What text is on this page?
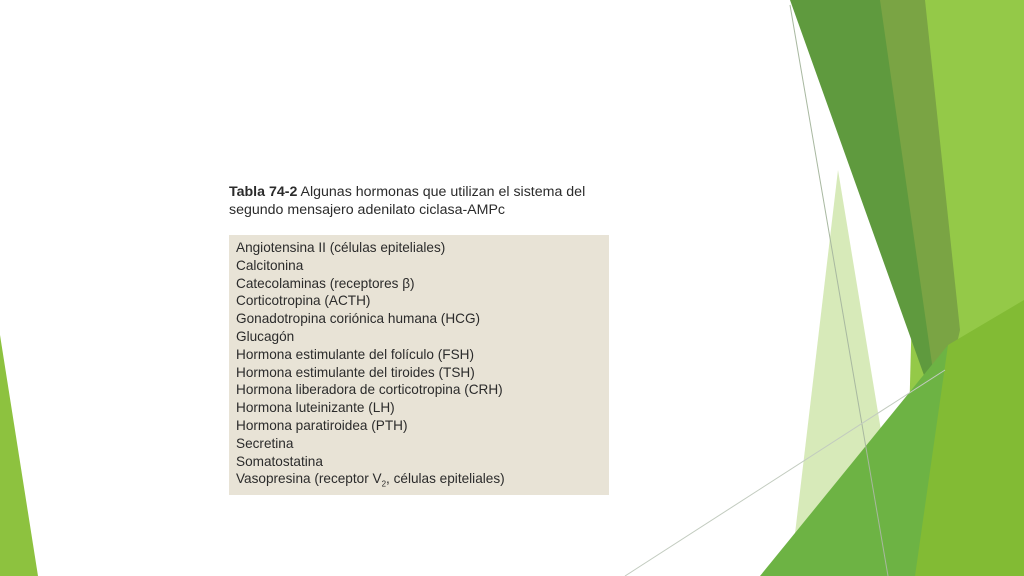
Tabla 74-2 Algunas hormonas que utilizan el sistema del
segundo mensajero adenilato ciclasa-AMPc
Angiotensina II (células epiteliales)
Calcitonina
Catecolaminas (receptores β)
Corticotropina (ACTH)
Gonadotropina coriónica humana (HCG)
Glucagón
Hormona estimulante del folículo (FSH)
Hormona estimulante del tiroides (TSH)
Hormona liberadora de corticotropina (CRH)
Hormona luteinizante (LH)
Hormona paratiroidea (PTH)
Secretina
Somatostatina
Vasopresina (receptor $V_2$, células epiteliales)
